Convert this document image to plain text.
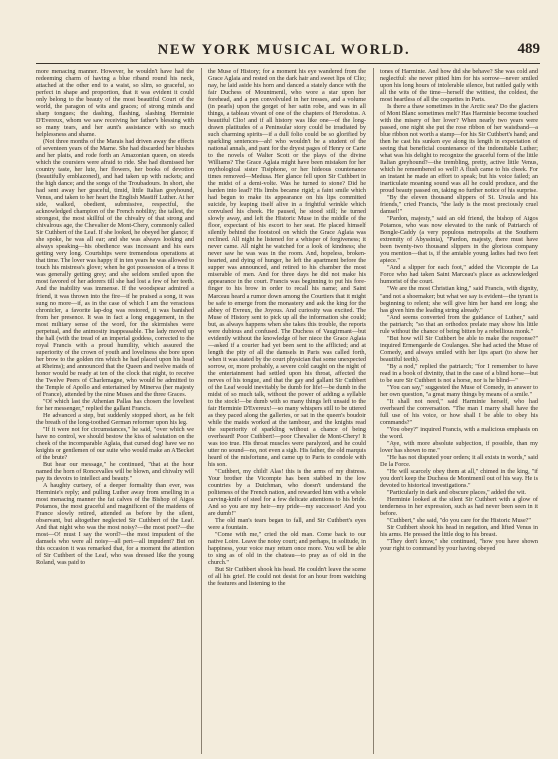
NEW YORK MUSICAL WORLD.	489

more menacing manner. However, he wouldn't have had the redeeming charm of having a blue riband round his neck, attached at the other end to a waist, so slim, so graceful, so perfect in shape and proportion, that it was evident it could only belong to the beauty of the most beautiful Court of the world, the paragon of wits and graces; of strong minds and sharp tongues; the dashing, flashing, slashing Herminie D'Evereux, whom we saw receiving her father's blessing with so many tears, and her aunt's assistance with so much helplessness and shame.

(Not three months of the Marais had driven away the effects of seventeen years of the Marne. She had discarded her blushes and her plaits, and rode forth an Amazonian queen, on steeds which the coursiers were afraid to ride. She had dismissed her country taste, her lute, her flowers, her books of devotion (beautifully emblazoned), and had taken up with rackets; and the high dance; and the songs of the Troubadours. In short, she had sent away her graceful, timid, little Italian greyhound, Venus, and taken to her heart the English Mastiff Luther. At her side, walked, obedient, submissive, respectful, the acknowledged champion of the French nobility; the tallest, the strongest, the most skillful of the chivalry of that strong and chivalrous age, the Chevalier de Mont-Chery, commonly called Sir Cuthbert of the Leaf. If she looked, he obeyed her glance; if she spoke, he was all ear; and she was always looking and always speaking—his obedience was incessant and his ears getting very long. Courtships were tremendous operations at that time. The lover was happy if in ten years he was allowed to touch his mistress's glove; when he got possession of a tress it was generally getting grey; and she seldom smiled upon the most favored of her adorers till she had lost a few of her teeth. And the inability was immense. If the woodspear admired a friend, it was thrown into the fire—if he praised a song, it was sung no more—if, as in the case of which I am the veracious chronicler, a favorite lap-dog was restored, it was banished from her presence. It was in fact a long engagement, in the most military sense of the word, for the skirmishes were perpetual, and the animosity inappeasable. The lady moved up the hall (with the tread of an imperial goddess, corrected to the royal Francis with a proud humility, which assured the superiority of the crown of youth and loveliness she bore upon her brow to the golden rim which he had placed upon his head at Rheims); and announced that the Queen and twelve maids of honor would be ready at ten of the clock that night, to receive the Twelve Peers of Charlemagne, who would be admitted to the Temple of Apollo and entertained by Minerva (her majesty of France), attended by the nine Muses and the three Graces.

"Of which last the Athenian Pallas has chosen the loveliest for her messenger," replied the gallant Francis.

He advanced a step, but suddenly stopped short, as he felt the breath of the long-toothed German reformer upon his leg.

"If it were not for circumstances," he said, "over which we have no control, we should bestow the kiss of salutation on the cheek of the incomparable Aglaia, that cursed dog! have we no knights or gentlemen of our suite who would make an A'Becket of the brute?

But hear our message," he continued, "that at the hour named the horn of Roncevalles will be blown, and chivalry will pay its devoirs to intellect and beauty."

A haughty curtsey, of a deeper formality than ever, was Herminie's reply; and pulling Luther away from smelling in a most menacing manner the fat calves of the Bishop of Aigos Potamos, the most graceful and magnificent of the maidens of France slowly retired, attended as before by the silent, observant, but altogether neglected Sir Cuthbert of the Leaf. And that night who was the most noisy?—the most poet?—the most—O! must I say the word?—the most impudent of the damsels who were all noisy—all pert—all impudent? But on this occasion it was remarked that, for a moment the attention of Sir Cuthbert of the Leaf, who was dressed like the young Roland, was paid to

the Muse of History; for a moment his eye wandered from the Grace Aglaia and rested on the dark hair and sweet lips of Clio; nay, he laid aside his horn and danced a stately dance with the fair Duchess of Mountmenil, who wore a star upon her forehead, and a pen convolvuled in her tresses, and a volume (in pearls) upon the gorget of her satin robe, and was in all things, a tableau vivant of one of the chapters of Herodotus. A beautiful Clio! and if all history was like one—of the long-drawn platitudes of a Peninsular story could be irradiated by such charming spirits—if a dull folio could be so glorified by sparkling sentences—ah! who wouldn't be a student of the national annals, and pant for the dryest pages of Henry or Carte to the novels of Walter Scott or the plays of the divine Williams? The Grace Aglaia might have been mistaken for her mythological sister Tisiphone, or her hideous countenance times removed—Medusa. Her glance fell upon Sir Cuthbert in the midst of a demi-volte. Was he turned to stone? Did he harden into lead? His limbs became rigid; a faint smile which had begun to make its appearance on his lips committed suicide, by leaping itself alive in a frightful wrinkle which convulsed his cheek. He paused, he stood still; he turned slowly away, and left the Historic Muse in the middle of the floor, expectant of his escort to her seat. He placed himself silently behind the footstool on which the Grace Aglaia was reclined. All night he listened for a whisper of forgiveness; it never came. All night he watched for a look of kindness; she never saw he was was in the room. And, hopeless, broken-hearted, and dying of hunger, he left the apartment before the supper was announced, and retired to his chamber the most miserable of men. And for three days he did not make his appearance in the court. Francis was beginning to put his fore-finger to his brow in order to recall his name; and Saint Marceau heard a rumor down among the Courtiers that it might be safe to emerge from the monastery and ask the king for the abbey of Evreux, the Joyous. And curiosity was excited. The Muse of History sent to pick up all the information she could; but, as always happens when she takes this trouble, the reports were dubious and confused. The Duchess of Vaugirmant—but evidently without the knowledge of her niece the Grace Aglaia—asked if a courier had yet been sent to the afflicted; and at length the pity of all the damsels in Paris was called forth, when it was stated by the court physician that some unexpected sorrow, or, more probably, a severe cold caught on the night of the entertainment had settled upon his throat, affected the nerves of his tongue, and that the gay and gallant Sir Cuthbert of the Leaf would inevitably be dumb for life!—be dumb in the midst of so much talk, without the power of adding a syllable to the stock!—be dumb with so many things left unsaid to the fair Herminie D'Evereux!—so many whispers still to be uttered as they paced along the galleries, or sat in the queen's boudoir while the maids worked at the tambour, and the knights read the superiority of sparkling without a chance of being overheard! Poor Cuthbert!—poor Chevalier de Mont-Chery! It was too true. His throat muscles were paralyzed, and he could utter no sound—no, not even a sigh. His father, the old marquis heard of the misfortune, and came up to Paris to condole with his son.

"Cuthbert, my child! Alas! this is the arms of my distress. Your brother the Vicompte has been stabbed in the low countries by a Dutchman, who doesn't understand the politeness of the French nation, and rewarded him with a whole carving-knife of steel for a few delicate attentions to his bride. And so you are my heir—my pride—my successor! And you are dumb!"

The old man's tears began to fall, and Sir Cuthbert's eyes were a fountain.

"Come with me," cried the old man. Come back to our native Loire. Leave the noisy court; and perhaps, in solitude, in happiness, your voice may return once more. You will be able to sing as of old in the chateau—to pray as of old in the church."

But Sir Cuthbert shook his head. He couldn't leave the scene of all his grief. He could not desist for an hour from watching the features and listening to the

tones of Harminie. And how did she behave? She was cold and neglectful: she never pitied him for his sorrow—never smiled upon his long hours of intolerable silence, but rattled gaily with all the wits of the time—herself the wittiest, the coldest, the most heartless of all the coquettes in Paris.

Is there a thaw sometimes in the Arctic sea? Do the glaciers of Mont Blanc sometimes melt? Has Harminie become touched with the misery of her lover? When nearly two years were passed, one night she put the rose ribbon of her waistband—a blue ribbon not worth a stamp—for his Sir Cuthbert's hand; and then he cast his sunken eye along its length in expectation of seeing that beneficial countenance of the indomitable Luther; what was his delight to recognize the graceful form of the little Italian greyhound?—the trembling, pretty, active little Venus, which he remembered so well! A flush came to his cheek. For an instant he made an effort to speak; but his voice failed; an inarticulate moaning sound was all he could produce, and the proud beauty passed on, taking no further notice of his surprise.

"By the eleven thousand slippers of St. Ursula and his friends," cried Francis, "the lady is the most preciously cruel damsel!"

"Pardon, majesty," said an old friend, the bishop of Aigos Potamos, who was now elevated to the rank of Patriarch of Bongle-Caddy (a very populous metropolis at the Southern extremity of Abyssinia), "Pardon, majesty, there must have been twenty-two thousand slippers in the glorious company you mention—that is, if the amiable young ladies had two feet apiece."

"And a slipper for each foot," added the Vicompte de La Force who had taken Saint Marceau's place as acknowledged humorist of the court.

"We are the most Christian king," said Francis, with dignity, "and not a shoemaker; but what we say is evident—the tyrant is beginning to relent; she will give him her hand ere long; she has given him the leading string already."

"And seems converted from the guidance of Luther," said the patriarch; "so that an orthodox prelate may show his little rule without the chance of being bitten by a rebellious monk."

"But how will Sir Cuthbert be able to make the response?" inquired Ermengarde de Coulanges. She had acted the Muse of Comedy, and always smiled with her lips apart (to show her beautiful teeth).

"By a nod," replied the patriarch; "for I remember to have read in a book of divinity, that in the case of a blind horse—but to be sure Sir Cuthbert is not a horse, nor is he blind—"

"You can say," suggested the Muse of Comedy, in answer to her own question, "a great many things by means of a smile."

"It shall not need," said Harminie herself, who had overheard the conversation. "The man I marry shall have the full use of his voice, or how shall I be able to obey his commands?"

"You obey?" inquired Francis, with a malicious emphasis on the word.

"Aye, with more absolute subjection, if possible, than my lover has shown to me."

"He has not disputed your orders; it all exists in words," said De la Force.

"He will scarcely obey them at all," chimed in the king, "if you don't keep the Duchess de Montmenil out of his way. He is devoted to historical investigations."

"Particularly in dark and obscure places," added the wit.

Herminie looked at the silent Sir Cuthbert with a glow of tenderness in her expression, such as had never been seen in it before.

"Cuthbert," she said, "do you care for the Historic Muse?"

Sir Cuthbert shook his head in negation, and lifted Venus in his arms. He pressed the little dog to his breast.

"They don't know," she continued, "how you have shown your right to command by your having obeyed
